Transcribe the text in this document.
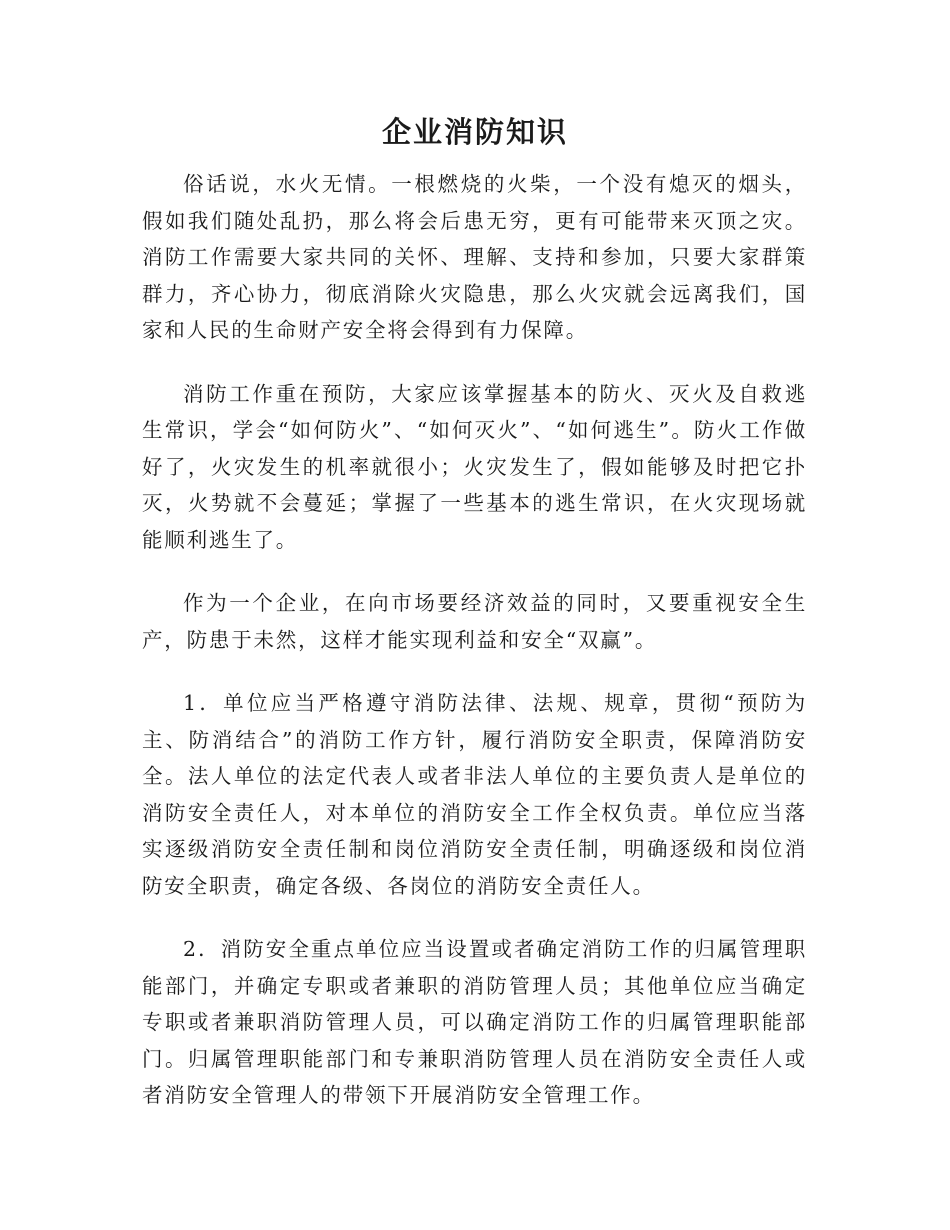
企业消防知识

俗话说，水火无情。一根燃烧的火柴，一个没有熄灭的烟头，假如我们随处乱扔，那么将会后患无穷，更有可能带来灭顶之灾。消防工作需要大家共同的关怀、理解、支持和参加，只要大家群策群力，齐心协力，彻底消除火灾隐患，那么火灾就会远离我们，国家和人民的生命财产安全将会得到有力保障。

消防工作重在预防，大家应该掌握基本的防火、灭火及自救逃生常识，学会“如何防火”、“如何灭火”、“如何逃生”。防火工作做好了，火灾发生的机率就很小；火灾发生了，假如能够及时把它扑灭，火势就不会蔓延；掌握了一些基本的逃生常识，在火灾现场就能顺利逃生了。

作为一个企业，在向市场要经济效益的同时，又要重视安全生产，防患于未然，这样才能实现利益和安全“双赢”。

1．单位应当严格遵守消防法律、法规、规章，贯彻“预防为主、防消结合”的消防工作方针，履行消防安全职责，保障消防安全。法人单位的法定代表人或者非法人单位的主要负责人是单位的消防安全责任人，对本单位的消防安全工作全权负责。单位应当落实逐级消防安全责任制和岗位消防安全责任制，明确逐级和岗位消防安全职责，确定各级、各岗位的消防安全责任人。

2．消防安全重点单位应当设置或者确定消防工作的归属管理职能部门，并确定专职或者兼职的消防管理人员；其他单位应当确定专职或者兼职消防管理人员，可以确定消防工作的归属管理职能部门。归属管理职能部门和专兼职消防管理人员在消防安全责任人或者消防安全管理人的带领下开展消防安全管理工作。
